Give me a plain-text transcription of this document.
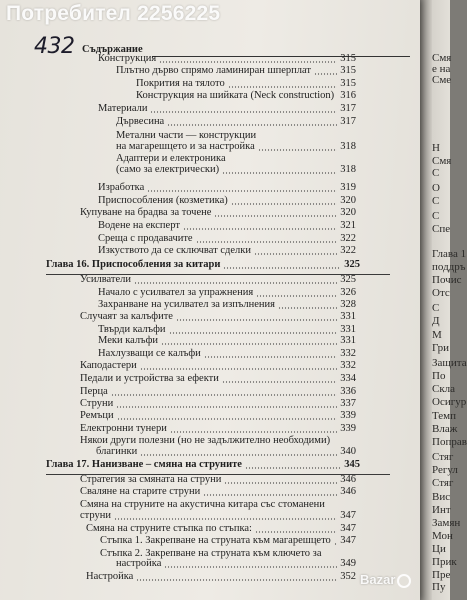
Смя
е на
Сме
Н
Смя
С
О
С
С
Спе
Глава 1
поддръ
Почис
Отс
С
Д
М
Гри
Защита
По
Скла
Осигур
Темп
Влаж
Поправ
Стяг
Регул
Стяг
Вис
Инт
Замян
Мон
Ци
Прик
Пре
Пу
432 Съдържание
Конструкция	315
Плътно дърво спрямо ламиниран шперплат	315
Покрития на тялото	315
Конструкция на шийката (Neck construction) 316
Материали	317
Дървесина	317
Метални части — конструкции
на магарешцето и за настройка	318
Адаптери и електроника
(само за електрически)	318
Изработка	319
Приспособления (козметика)	320
Купуване на брадва за точене	320
Водене на експерт	321
Среща с продавачите	322
Изкуството да се сключват сделки	322
Глава 16. Приспособления за китари	325
Усилватели	325
Начало с усилвател за упражнения	326
Захранване на усилвател за изпълнения	328
Случаят за калъфите	331
Твърди калъфи	331
Меки калъфи	331
Нахлузващи се калъфи	332
Каподастери	332
Педали и устройства за ефекти	334
Перца	336
Струни	337
Ремъци	339
Електронни тунери	339
Някои други полезни (но не задължително необходими)
благинки	340
Глава 17. Нанизване – смяна на струните	345
Стратегия за смяната на струни	346
Сваляне на старите струни	346
Смяна на струните на акустична китара със стоманени
струни	347
Смяна на струните стъпка по стъпка:	347
Стъпка 1. Закрепване на струната към магарешцето 347
Стъпка 2. Закрепване на струната към ключето за
настройка	349
Настройка	352
Потребител 2256225
Bazar
